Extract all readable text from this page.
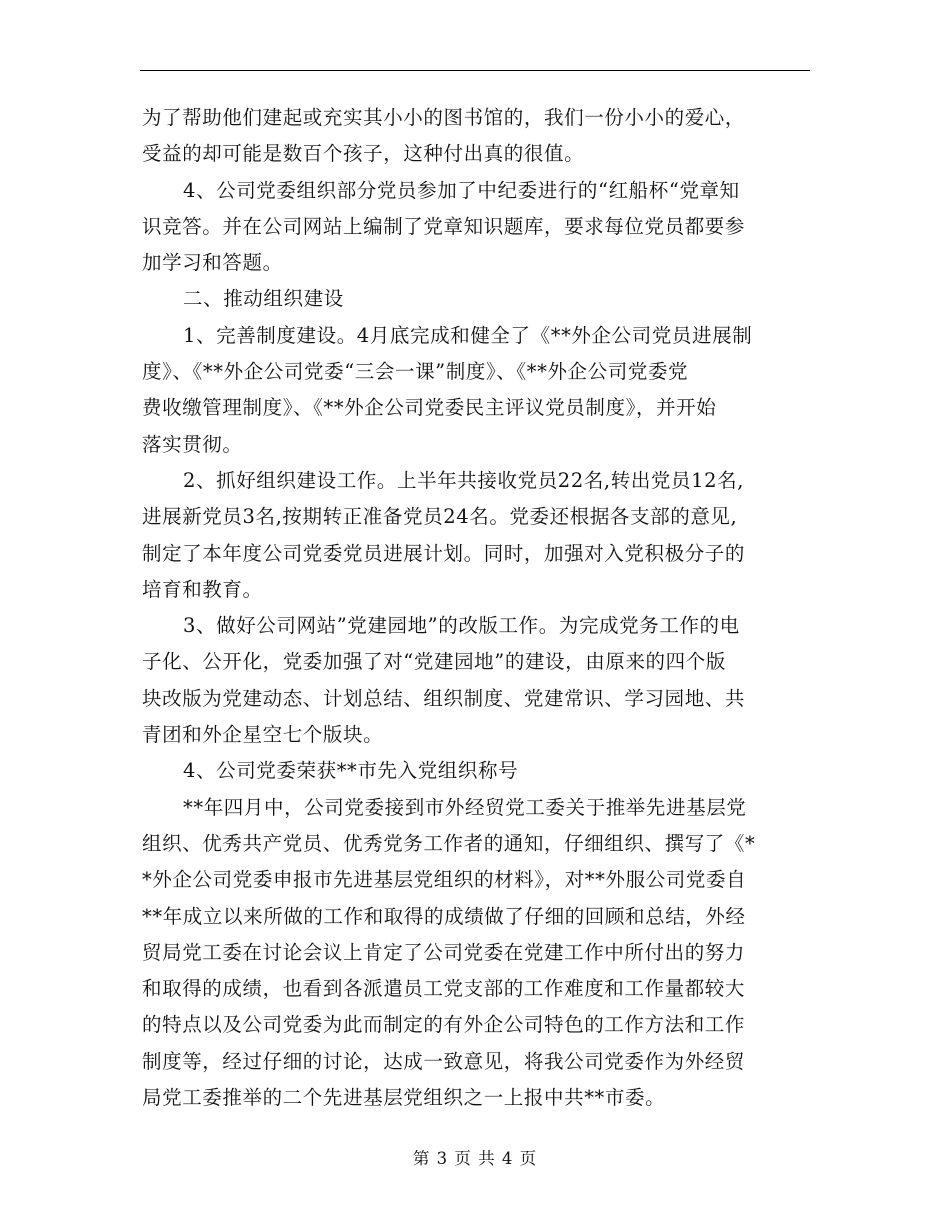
为了帮助他们建起或充实其小小的图书馆的，我们一份小小的爱心，
受益的却可能是数百个孩子，这种付出真的很值。
4、公司党委组织部分党员参加了中纪委进行的“红船杯“党章知
识竞答。并在公司网站上编制了党章知识题库，要求每位党员都要参
加学习和答题。
二、推动组织建设
1、完善制度建设。4月底完成和健全了《**外企公司党员进展制
度》、《**外企公司党委“三会一课”制度》、《**外企公司党委党
费收缴管理制度》、《**外企公司党委民主评议党员制度》，并开始
落实贯彻。
2、抓好组织建设工作。上半年共接收党员22名,转出党员12名,
进展新党员3名,按期转正准备党员24名。党委还根据各支部的意见,
制定了本年度公司党委党员进展计划。同时，加强对入党积极分子的
培育和教育。
3、做好公司网站”党建园地”的改版工作。为完成党务工作的电
子化、公开化，党委加强了对“党建园地”的建设，由原来的四个版
块改版为党建动态、计划总结、组织制度、党建常识、学习园地、共
青团和外企星空七个版块。
4、公司党委荣获**市先入党组织称号
**年四月中，公司党委接到市外经贸党工委关于推举先进基层党
组织、优秀共产党员、优秀党务工作者的通知，仔细组织、撰写了《*
*外企公司党委申报市先进基层党组织的材料》，对**外服公司党委自
**年成立以来所做的工作和取得的成绩做了仔细的回顾和总结，外经
贸局党工委在讨论会议上肯定了公司党委在党建工作中所付出的努力
和取得的成绩，也看到各派遣员工党支部的工作难度和工作量都较大
的特点以及公司党委为此而制定的有外企公司特色的工作方法和工作
制度等，经过仔细的讨论，达成一致意见，将我公司党委作为外经贸
局党工委推举的二个先进基层党组织之一上报中共**市委。
第 3 页 共 4 页
